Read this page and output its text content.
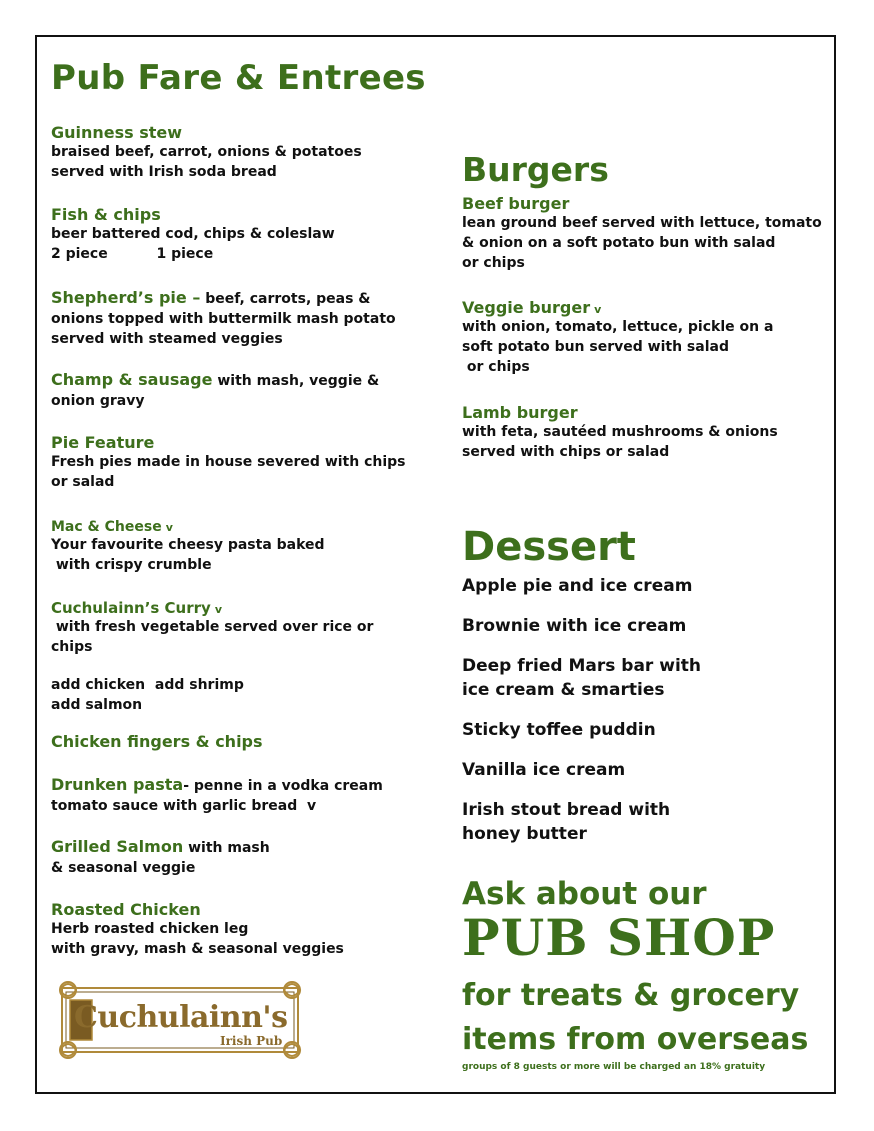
Pub Fare & Entrees
Guinness stew
braised beef, carrot, onions & potatoes
served with Irish soda bread
Fish & chips
beer battered cod, chips & coleslaw
2 piece          1 piece
Shepherd’s pie – beef, carrots, peas &
onions topped with buttermilk mash potato
served with steamed veggies
Champ & sausage with mash, veggie &
onion gravy
Pie Feature
Fresh pies made in house severed with chips
or salad
Mac & Cheese v
Your favourite cheesy pasta baked
with crispy crumble
Cuchulainn’s Curry v
with fresh vegetable served over rice or
chips
add chicken  add shrimp
add salmon
Chicken fingers & chips
Drunken pasta- penne in a vodka cream
tomato sauce with garlic bread  v
Grilled Salmon with mash
& seasonal veggie
Roasted Chicken
Herb roasted chicken leg
with gravy, mash & seasonal veggies
Cuchulainn's
Irish Pub
Burgers
Beef burger
lean ground beef served with lettuce, tomato
& onion on a soft potato bun with salad
or chips
Veggie burger v
with onion, tomato, lettuce, pickle on a
soft potato bun served with salad
or chips
Lamb burger
with feta, sautéed mushrooms & onions
served with chips or salad
Dessert
Apple pie and ice cream
Brownie with ice cream
Deep fried Mars bar with
ice cream & smarties
Sticky toffee puddin
Vanilla ice cream
Irish stout bread with
honey butter
Ask about our
PUB SHOP
for treats & grocery
items from overseas
groups of 8 guests or more will be charged an 18% gratuity
